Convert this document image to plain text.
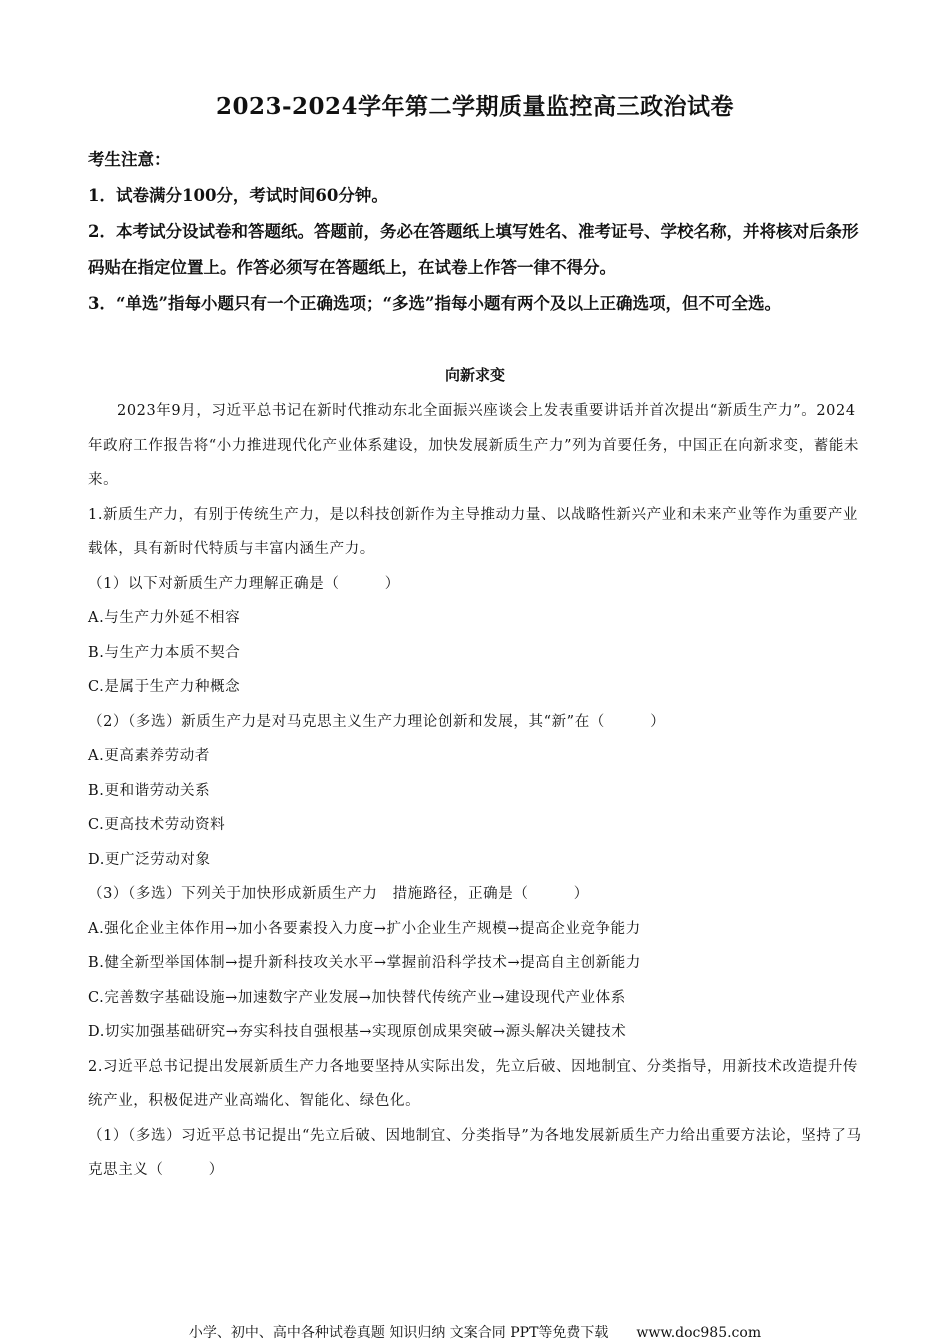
2023-2024学年第二学期质量监控高三政治试卷

考生注意：

1．试卷满分100分，考试时间60分钟。

2．本考试分设试卷和答题纸。答题前，务必在答题纸上填写姓名、准考证号、学校名称，并将核对后条形码贴在指定位置上。作答必须写在答题纸上，在试卷上作答一律不得分。

3．“单选”指每小题只有一个正确选项；“多选”指每小题有两个及以上正确选项，但不可全选。

向新求变

2023年9月，习近平总书记在新时代推动东北全面振兴座谈会上发表重要讲话并首次提出“新质生产力”。2024年政府工作报告将“小力推进现代化产业体系建设，加快发展新质生产力”列为首要任务，中国正在向新求变，蓄能未来。

1.新质生产力，有别于传统生产力，是以科技创新作为主导推动力量、以战略性新兴产业和未来产业等作为重要产业载体，具有新时代特质与丰富内涵生产力。

（1）以下对新质生产力理解正确是（　　　）

A.与生产力外延不相容

B.与生产力本质不契合

C.是属于生产力种概念

（2）（多选）新质生产力是对马克思主义生产力理论创新和发展，其“新”在（　　　）

A.更高素养劳动者

B.更和谐劳动关系

C.更高技术劳动资料

D.更广泛劳动对象

（3）（多选）下列关于加快形成新质生产力　措施路径，正确是（　　　）

A.强化企业主体作用→加小各要素投入力度→扩小企业生产规模→提高企业竞争能力

B.健全新型举国体制→提升新科技攻关水平→掌握前沿科学技术→提高自主创新能力

C.完善数字基础设施→加速数字产业发展→加快替代传统产业→建设现代产业体系

D.切实加强基础研究→夯实科技自强根基→实现原创成果突破→源头解决关键技术

2.习近平总书记提出发展新质生产力各地要坚持从实际出发，先立后破、因地制宜、分类指导，用新技术改造提升传统产业，积极促进产业高端化、智能化、绿色化。

（1）（多选）习近平总书记提出“先立后破、因地制宜、分类指导”为各地发展新质生产力给出重要方法论，坚持了马克思主义（　　　）

小学、初中、高中各种试卷真题 知识归纳 文案合同 PPT等免费下载　　www.doc985.com
